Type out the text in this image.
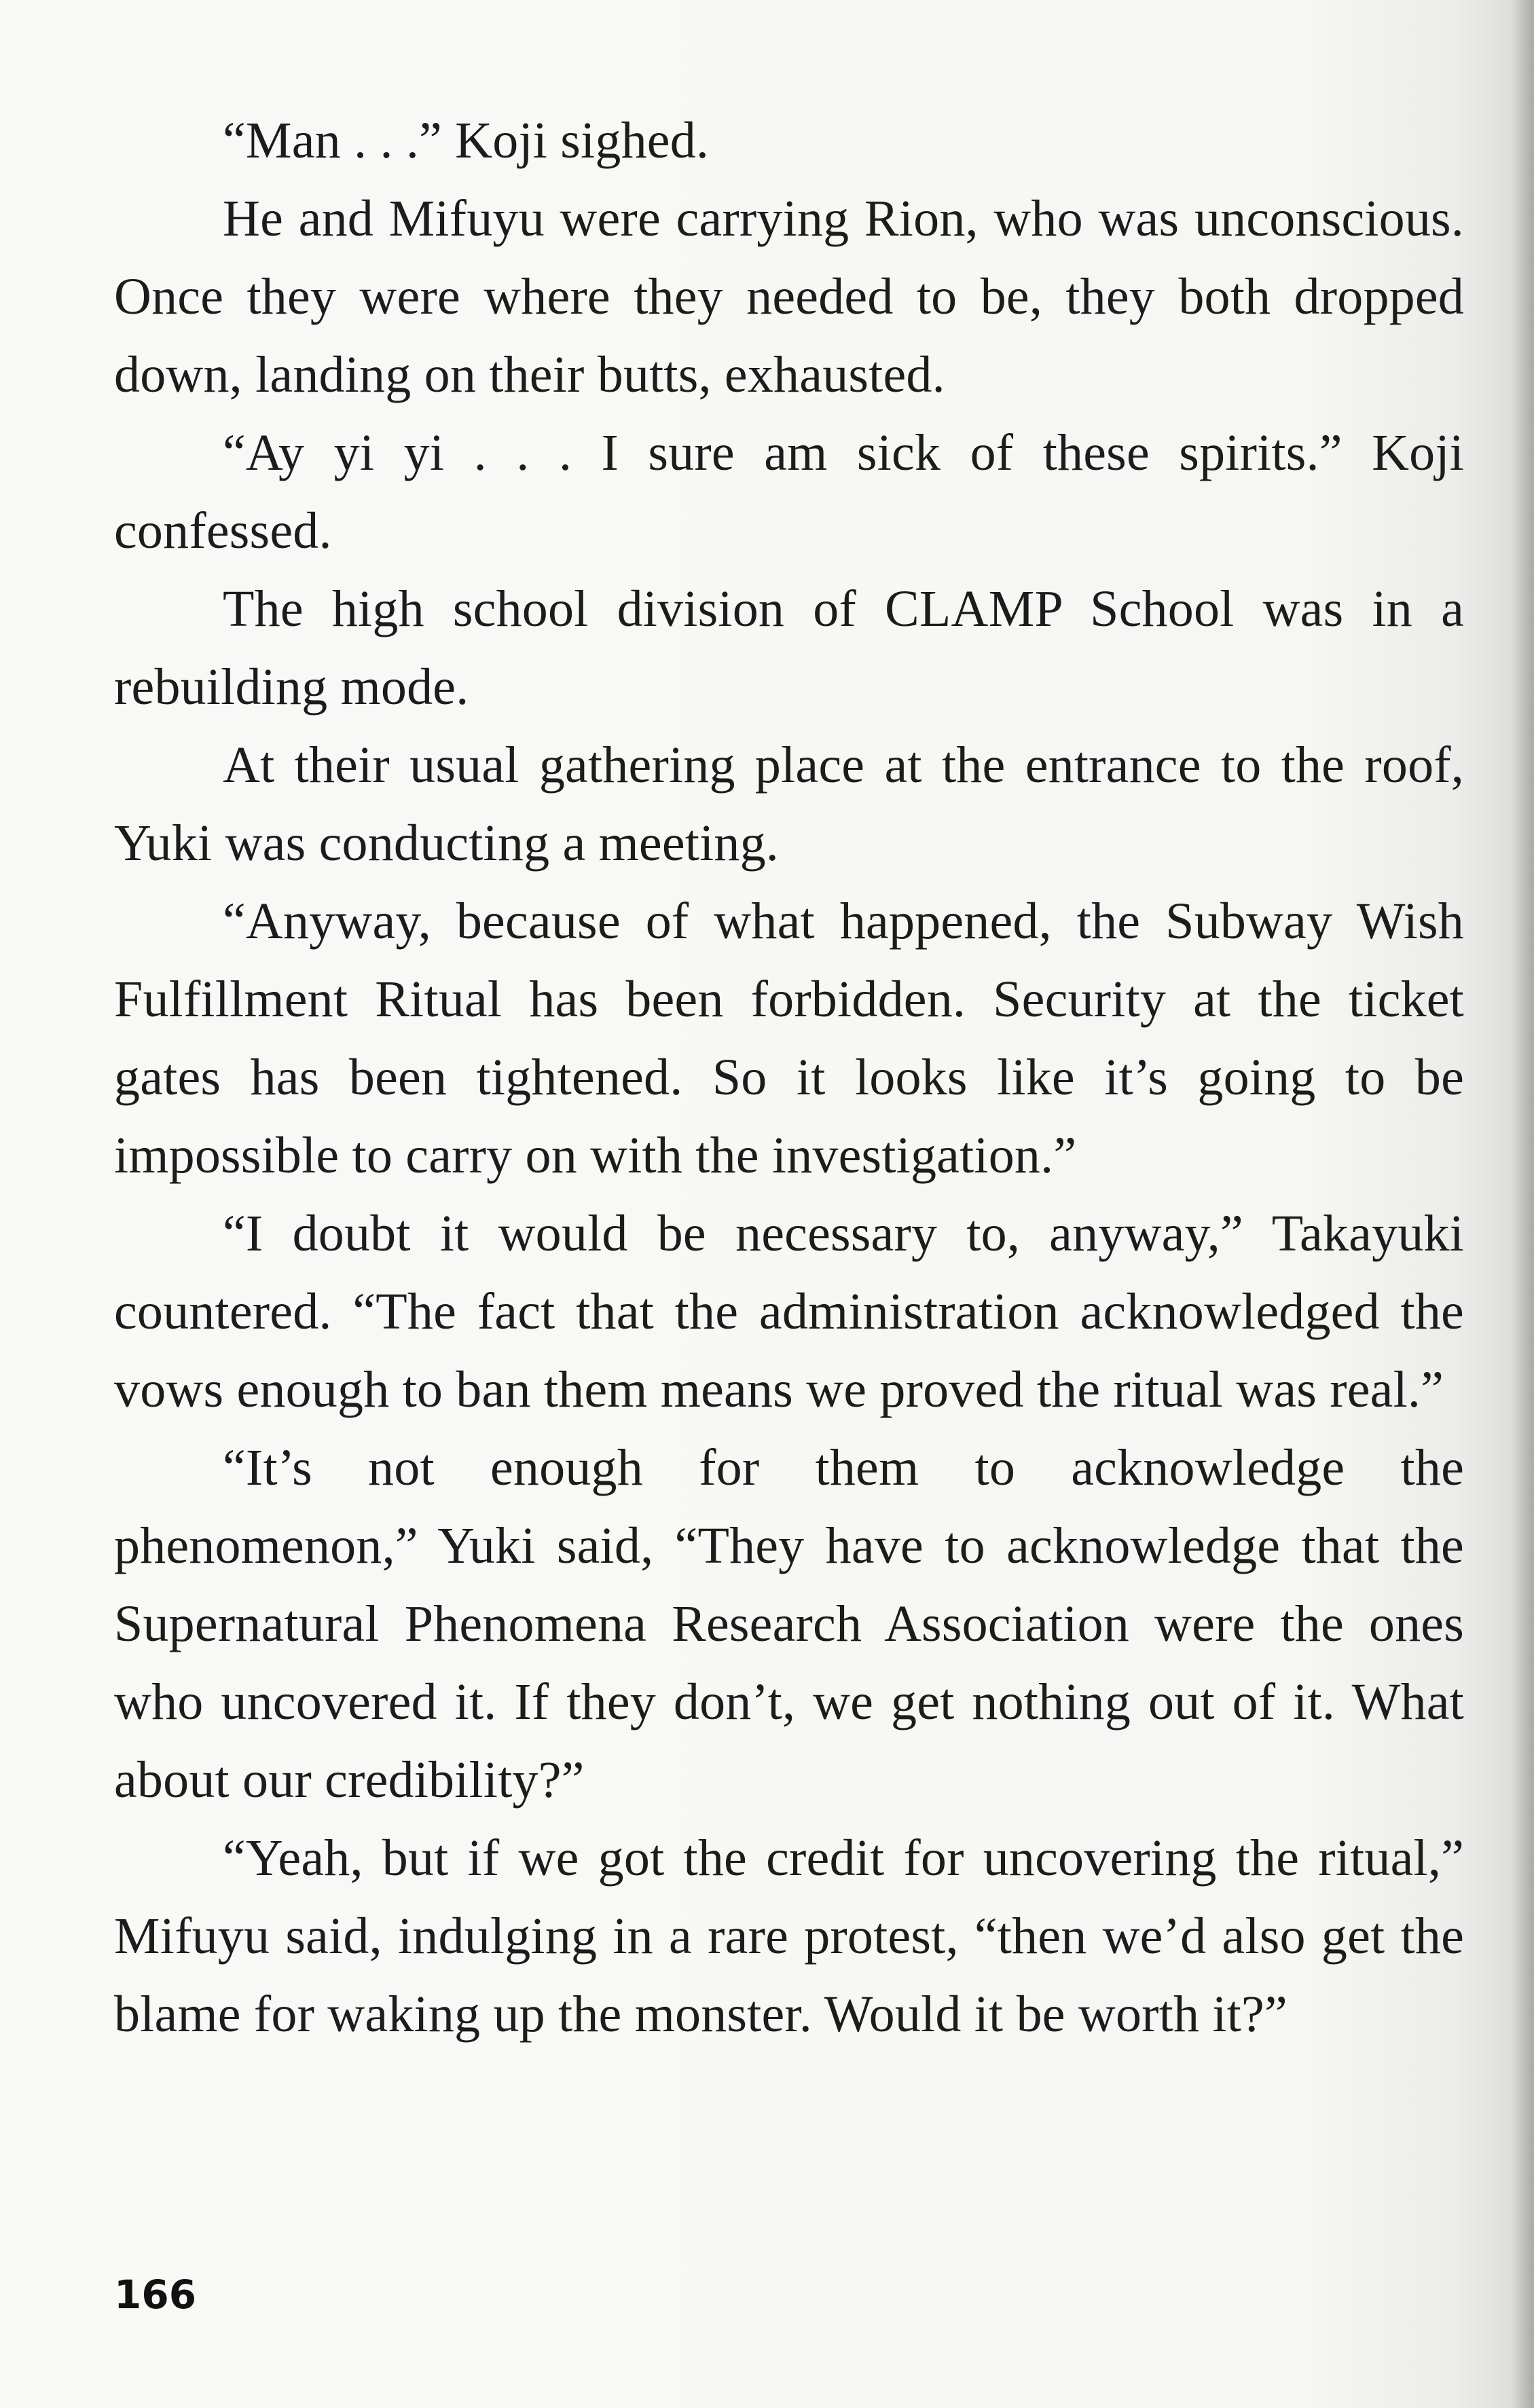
“Man . . .” Koji sighed.

He and Mifuyu were carrying Rion, who was unconscious. Once they were where they needed to be, they both dropped down, landing on their butts, exhausted.

“Ay yi yi . . . I sure am sick of these spirits.” Koji confessed.

The high school division of CLAMP School was in a rebuilding mode.

At their usual gathering place at the entrance to the roof, Yuki was conducting a meeting.

“Anyway, because of what happened, the Subway Wish Fulfillment Ritual has been forbidden. Security at the ticket gates has been tightened. So it looks like it’s going to be impossible to carry on with the investigation.”

“I doubt it would be necessary to, anyway,” Takayuki countered. “The fact that the administration acknowledged the vows enough to ban them means we proved the ritual was real.”

“It’s not enough for them to acknowledge the phenomenon,” Yuki said, “They have to acknowledge that the Supernatural Phenomena Research Association were the ones who uncovered it. If they don’t, we get nothing out of it. What about our credibility?”

“Yeah, but if we got the credit for uncovering the ritual,” Mifuyu said, indulging in a rare protest, “then we’d also get the blame for waking up the monster. Would it be worth it?”

166
